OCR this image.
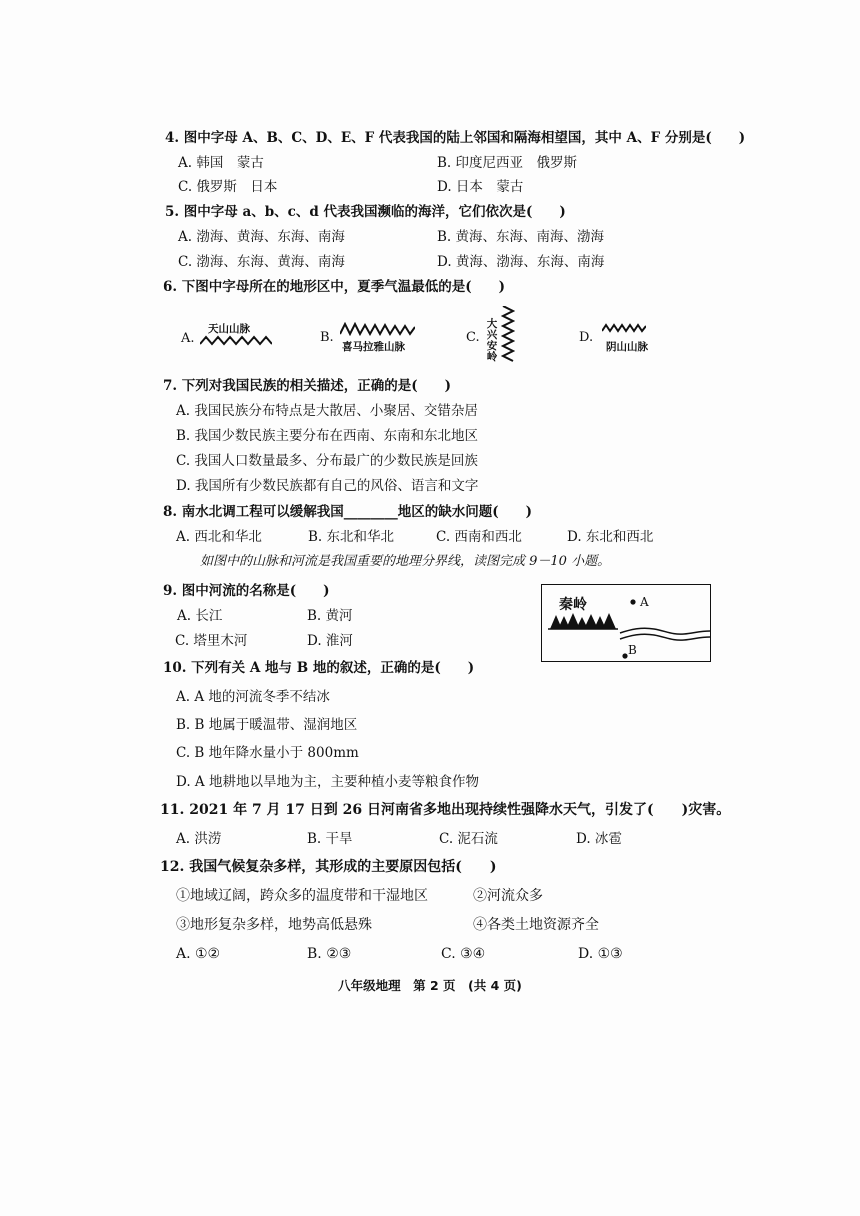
4. 图中字母 A、B、C、D、E、F 代表我国的陆上邻国和隔海相望国，其中 A、F 分别是(　　)
A. 韩国　蒙古	B. 印度尼西亚　俄罗斯
C. 俄罗斯　日本	D. 日本　蒙古
5. 图中字母 a、b、c、d 代表我国濒临的海洋，它们依次是(　　)
A. 渤海、黄海、东海、南海	B. 黄海、东海、南海、渤海
C. 渤海、东海、黄海、南海	D. 黄海、渤海、东海、南海
6. 下图中字母所在的地形区中，夏季气温最低的是(　　)
A.
天山山脉
B.
喜马拉雅山脉
C.
大兴安岭
D.
阴山山脉
7. 下列对我国民族的相关描述，正确的是(　　)
A. 我国民族分布特点是大散居、小聚居、交错杂居
B. 我国少数民族主要分布在西南、东南和东北地区
C. 我国人口数量最多、分布最广的少数民族是回族
D. 我国所有少数民族都有自己的风俗、语言和文字
8. 南水北调工程可以缓解我国________地区的缺水问题(　　)
A. 西北和华北	B. 东北和华北	C. 西南和西北	D. 东北和西北
如图中的山脉和河流是我国重要的地理分界线，读图完成 9－10 小题。
9. 图中河流的名称是(　　)
A. 长江	B. 黄河
C. 塔里木河	D. 淮河
秦岭	A
B
10. 下列有关 A 地与 B 地的叙述，正确的是(　　)
A. A 地的河流冬季不结冰
B. B 地属于暖温带、湿润地区
C. B 地年降水量小于 800mm
D. A 地耕地以旱地为主，主要种植小麦等粮食作物
11. 2021 年 7 月 17 日到 26 日河南省多地出现持续性强降水天气，引发了(　　)灾害。
A. 洪涝	B. 干旱	C. 泥石流	D. 冰雹
12. 我国气候复杂多样，其形成的主要原因包括(　　)
①地域辽阔，跨众多的温度带和干湿地区	②河流众多
③地形复杂多样，地势高低悬殊	④各类土地资源齐全
A. ①②	B. ②③	C. ③④	D. ①③
八年级地理　第 2 页　(共 4 页)
